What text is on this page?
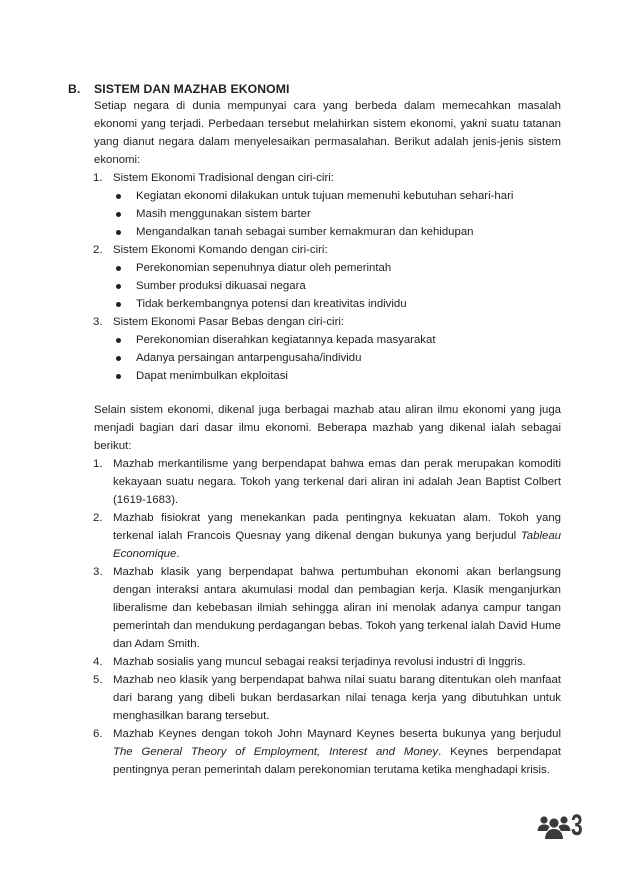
B. SISTEM DAN MAZHAB EKONOMI

Setiap negara di dunia mempunyai cara yang berbeda dalam memecahkan masalah ekonomi yang terjadi. Perbedaan tersebut melahirkan sistem ekonomi, yakni suatu tatanan yang dianut negara dalam menyelesaikan permasalahan. Berikut adalah jenis-jenis sistem ekonomi:

1. Sistem Ekonomi Tradisional dengan ciri-ciri:
Kegiatan ekonomi dilakukan untuk tujuan memenuhi kebutuhan sehari-hari
Masih menggunakan sistem barter
Mengandalkan tanah sebagai sumber kemakmuran dan kehidupan
2. Sistem Ekonomi Komando dengan ciri-ciri:
Perekonomian sepenuhnya diatur oleh pemerintah
Sumber produksi dikuasai negara
Tidak berkembangnya potensi dan kreativitas individu
3. Sistem Ekonomi Pasar Bebas dengan ciri-ciri:
Perekonomian diserahkan kegiatannya kepada masyarakat
Adanya persaingan antarpengusaha/individu
Dapat menimbulkan ekploitasi

Selain sistem ekonomi, dikenal juga berbagai mazhab atau aliran ilmu ekonomi yang juga menjadi bagian dari dasar ilmu ekonomi. Beberapa mazhab yang dikenal ialah sebagai berikut:

1. Mazhab merkantilisme yang berpendapat bahwa emas dan perak merupakan komoditi kekayaan suatu negara. Tokoh yang terkenal dari aliran ini adalah Jean Baptist Colbert (1619-1683).
2. Mazhab fisiokrat yang menekankan pada pentingnya kekuatan alam. Tokoh yang terkenal ialah Francois Quesnay yang dikenal dengan bukunya yang berjudul Tableau Economique.
3. Mazhab klasik yang berpendapat bahwa pertumbuhan ekonomi akan berlangsung dengan interaksi antara akumulasi modal dan pembagian kerja. Klasik menganjurkan liberalisme dan kebebasan ilmiah sehingga aliran ini menolak adanya campur tangan pemerintah dan mendukung perdagangan bebas. Tokoh yang terkenal ialah David Hume dan Adam Smith.
4. Mazhab sosialis yang muncul sebagai reaksi terjadinya revolusi industri di Inggris.
5. Mazhab neo klasik yang berpendapat bahwa nilai suatu barang ditentukan oleh manfaat dari barang yang dibeli bukan berdasarkan nilai tenaga kerja yang dibutuhkan untuk menghasilkan barang tersebut.
6. Mazhab Keynes dengan tokoh John Maynard Keynes beserta bukunya yang berjudul The General Theory of Employment, Interest and Money. Keynes berpendapat pentingnya peran pemerintah dalam perekonomian terutama ketika menghadapi krisis.
3
